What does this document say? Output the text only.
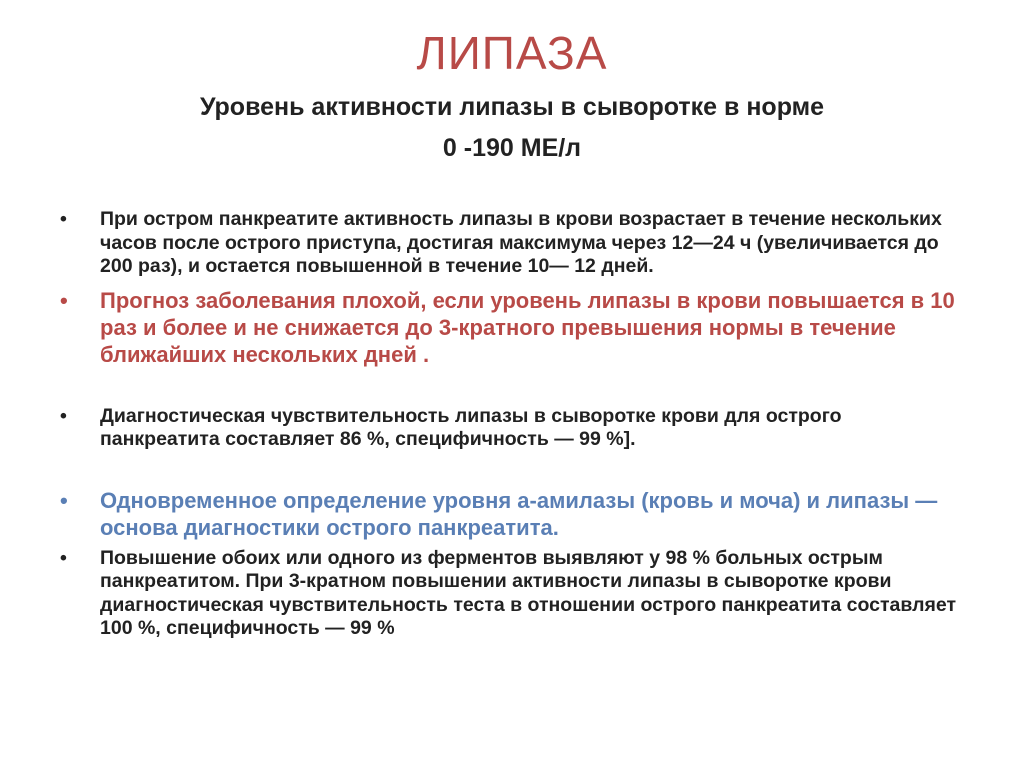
ЛИПАЗА
Уровень активности липазы в сыворотке в норме
0 -190 МЕ/л
• При остром панкреатите активность липазы в крови возрастает в течение нескольких часов после острого приступа, достигая максимума через 12—24 ч (увеличивается до 200 раз), и остается повышенной в течение 10— 12 дней.
• Прогноз заболевания плохой, если уровень липазы в крови повышается в 10 раз и более и не снижается до 3-кратного превышения нормы в течение ближайших нескольких дней .
• Диагностическая чувствительность липазы в сыворотке крови для острого панкреатита составляет 86 %, специфичность — 99 %].
• Одновременное определение уровня а-амилазы (кровь и моча) и липазы — основа диагностики острого панкреатита.
• Повышение обоих или одного из ферментов выявляют у 98 % больных острым панкреатитом. При 3-кратном повышении активности липазы в сыворотке крови диагностическая чувствительность теста в отношении острого панкреатита составляет 100 %, специфичность — 99 %
